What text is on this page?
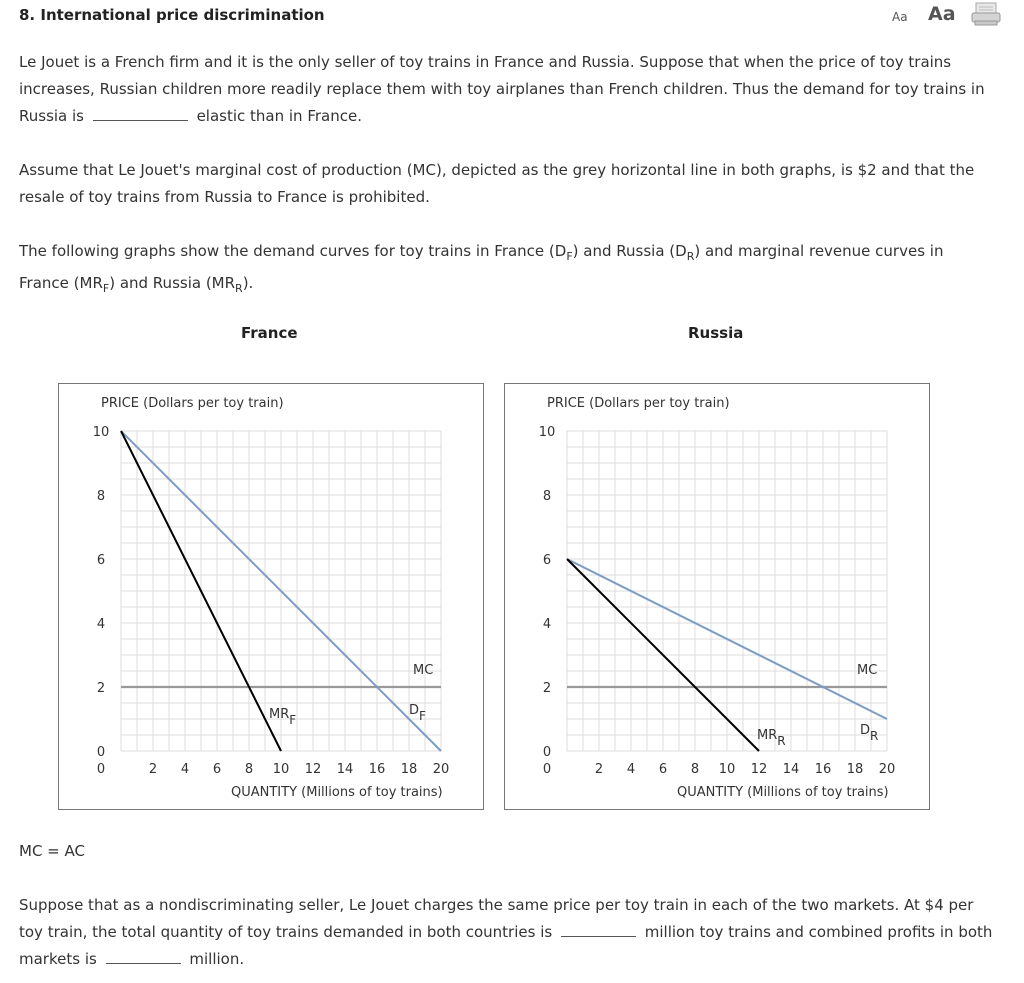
8. International price discrimination	Aa Aa
Le Jouet is a French firm and it is the only seller of toy trains in France and Russia. Suppose that when the price of toy trains increases, Russian children more readily replace them with toy airplanes than French children. Thus the demand for toy trains in Russia is	elastic than in France.
Assume that Le Jouet's marginal cost of production (MC), depicted as the grey horizontal line in both graphs, is $2 and that the resale of toy trains from Russia to France is prohibited.
The following graphs show the demand curves for toy trains in France $(D_F)$ and Russia $(D_R)$ and marginal revenue curves in France $(MR_F)$ and Russia $(MR_R)$.
France	Russia
PRICE (Dollars per toy train)
QUANTITY (Millions of toy trains)
0
2
4
6
8
10
0	2 4 6 8 10 12 14 16 18 20
MC
DF
MRF
PRICE (Dollars per toy train)
QUANTITY (Millions of toy trains)
0
2
4
6
8
10
0	2 4 6 8 10 12 14 16 18 20
MC
DR
MRR
MC = AC
Suppose that as a nondiscriminating seller, Le Jouet charges the same price per toy train in each of the two markets. At $4 per toy train, the total quantity of toy trains demanded in both countries is	million toy trains and combined profits in both markets is	million.
